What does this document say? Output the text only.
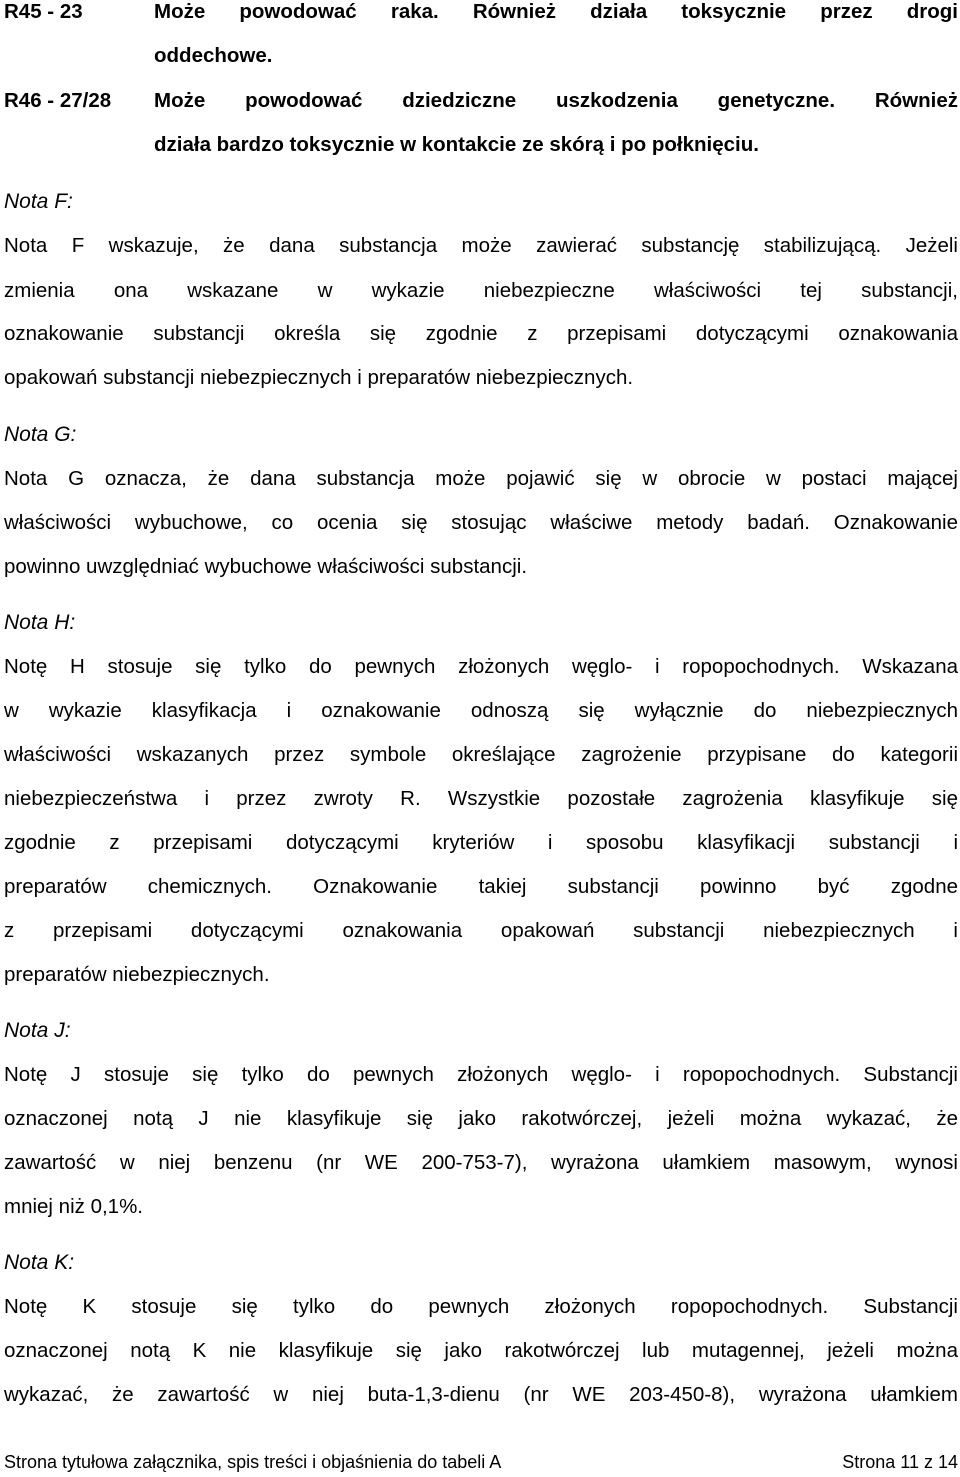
R45 - 23	Może powodować raka. Również działa toksycznie przez drogi
oddechowe.
R46 - 27/28 Może powodować dziedziczne uszkodzenia genetyczne. Również
działa bardzo toksycznie w kontakcie ze skórą i po połknięciu.
Nota F:
Nota F wskazuje, że dana substancja może zawierać substancję stabilizującą. Jeżeli
zmienia ona wskazane w wykazie niebezpieczne właściwości tej substancji,
oznakowanie substancji określa się zgodnie z przepisami dotyczącymi oznakowania
opakowań substancji niebezpiecznych i preparatów niebezpiecznych.
Nota G:
Nota G oznacza, że dana substancja może pojawić się w obrocie w postaci mającej
właściwości wybuchowe, co ocenia się stosując właściwe metody badań. Oznakowanie
powinno uwzględniać wybuchowe właściwości substancji.
Nota H:
Notę H stosuje się tylko do pewnych złożonych węglo- i ropopochodnych. Wskazana
w wykazie klasyfikacja i oznakowanie odnoszą się wyłącznie do niebezpiecznych
właściwości wskazanych przez symbole określające zagrożenie przypisane do kategorii
niebezpieczeństwa i przez zwroty R. Wszystkie pozostałe zagrożenia klasyfikuje się
zgodnie z przepisami dotyczącymi kryteriów i sposobu klasyfikacji substancji i
preparatów chemicznych. Oznakowanie takiej substancji powinno być zgodne
z przepisami dotyczącymi oznakowania opakowań substancji niebezpiecznych i
preparatów niebezpiecznych.
Nota J:
Notę J stosuje się tylko do pewnych złożonych węglo- i ropopochodnych. Substancji
oznaczonej notą J nie klasyfikuje się jako rakotwórczej, jeżeli można wykazać, że
zawartość w niej benzenu (nr WE 200-753-7), wyrażona ułamkiem masowym, wynosi
mniej niż 0,1%.
Nota K:
Notę K stosuje się tylko do pewnych złożonych ropopochodnych. Substancji
oznaczonej notą K nie klasyfikuje się jako rakotwórczej lub mutagennej, jeżeli można
wykazać, że zawartość w niej buta-1,3-dienu (nr WE 203-450-8), wyrażona ułamkiem
Strona tytułowa załącznika, spis treści i objaśnienia do tabeli A	Strona 11 z 14
